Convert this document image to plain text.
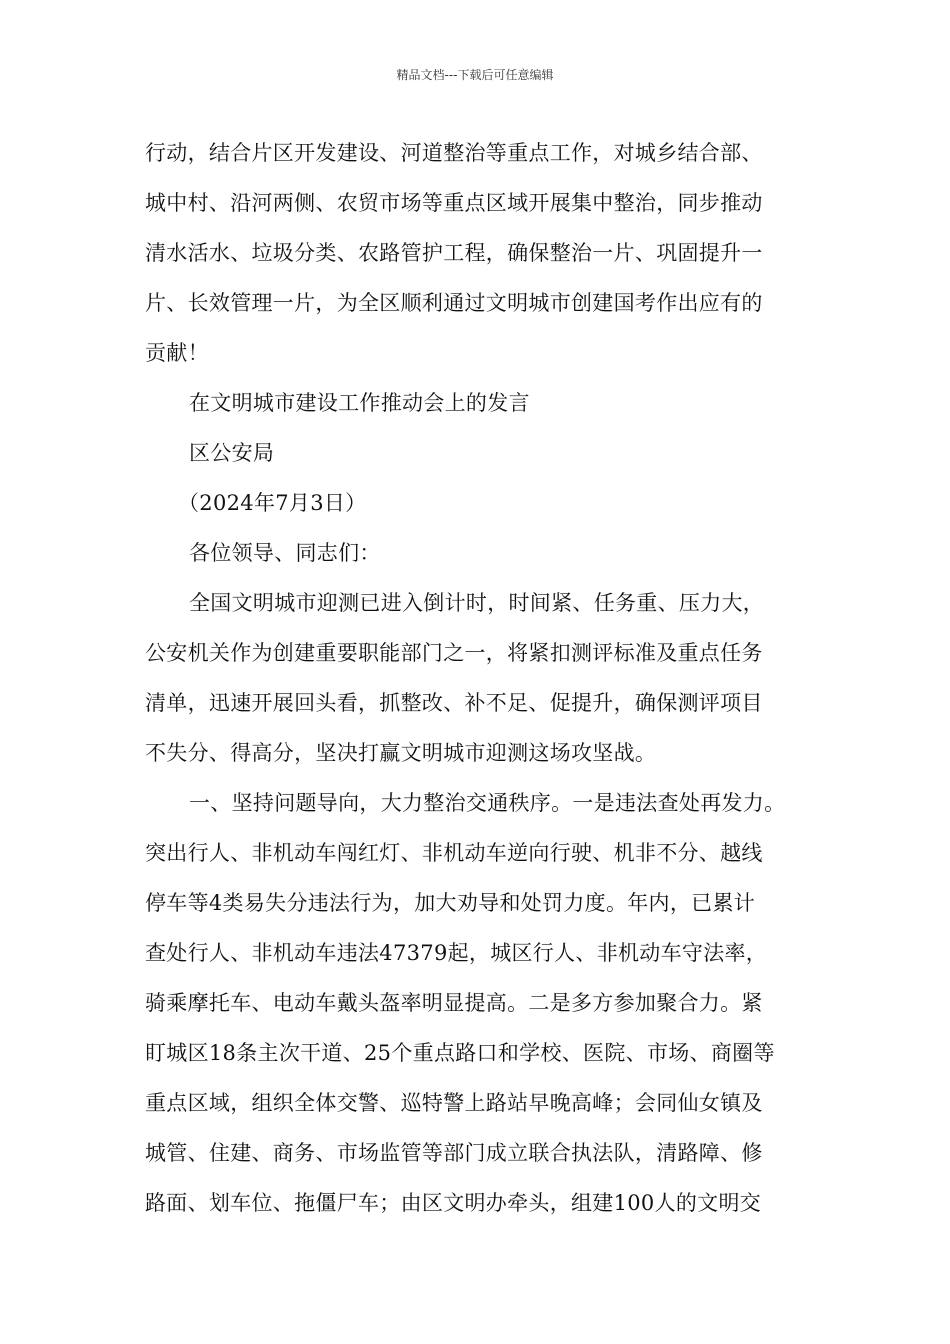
精品文档---下载后可任意编辑
行动，结合片区开发建设、河道整治等重点工作，对城乡结合部、
城中村、沿河两侧、农贸市场等重点区域开展集中整治，同步推动
清水活水、垃圾分类、农路管护工程，确保整治一片、巩固提升一
片、长效管理一片，为全区顺利通过文明城市创建国考作出应有的
贡献！
在文明城市建设工作推动会上的发言
区公安局
（2024年7月3日）
各位领导、同志们：
全国文明城市迎测已进入倒计时，时间紧、任务重、压力大，
公安机关作为创建重要职能部门之一，将紧扣测评标准及重点任务
清单，迅速开展回头看，抓整改、补不足、促提升，确保测评项目
不失分、得高分，坚决打赢文明城市迎测这场攻坚战。
一、坚持问题导向，大力整治交通秩序。一是违法查处再发力。
突出行人、非机动车闯红灯、非机动车逆向行驶、机非不分、越线
停车等4类易失分违法行为，加大劝导和处罚力度。年内，已累计
查处行人、非机动车违法47379起，城区行人、非机动车守法率，
骑乘摩托车、电动车戴头盔率明显提高。二是多方参加聚合力。紧
盯城区18条主次干道、25个重点路口和学校、医院、市场、商圈等
重点区域，组织全体交警、巡特警上路站早晚高峰；会同仙女镇及
城管、住建、商务、市场监管等部门成立联合执法队，清路障、修
路面、划车位、拖僵尸车；由区文明办牵头，组建100人的文明交
